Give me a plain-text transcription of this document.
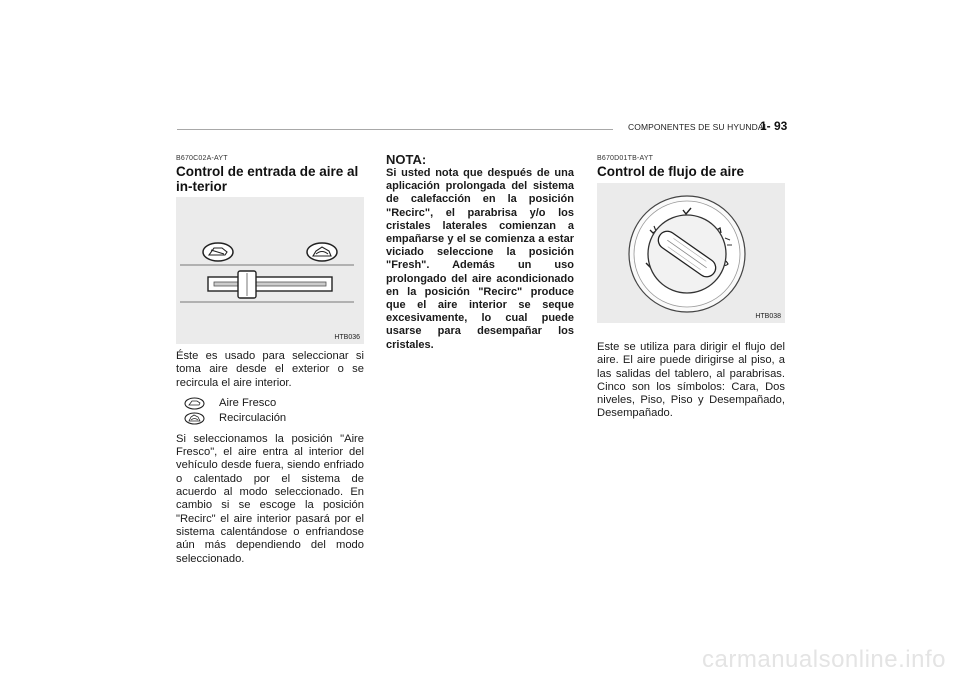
COMPONENTES DE SU HYUNDAI
1- 93
B670C02A-AYT
Control de entrada de aire al in-terior
HTB036

Éste es usado para seleccionar si toma aire desde el exterior o se recircula el aire interior.

Aire Fresco
Recirculación

Si seleccionamos la posición "Aire Fresco", el aire entra al interior del vehículo desde fuera, siendo enfriado o calentado por el sistema de acuerdo al modo seleccionado. En cambio si se escoge la posición "Recirc" el aire interior pasará por el sistema calentándose o enfriandose aún más dependiendo del modo seleccionado.

NOTA:

Si usted nota que después de una aplicación prolongada del sistema de calefacción en la posición "Recirc", el parabrisa y/o los cristales laterales comienzan a empañarse y el se comienza a estar viciado seleccione la posición "Fresh". Además un uso prolongado del aire acondicionado en la posición "Recirc" produce que el aire interior se seque excesivamente, lo cual puede usarse para desempañar los cristales.

B670D01TB-AYT
Control de flujo de aire
HTB038

Este se utiliza para dirigir el flujo del aire. El aire puede dirigirse al piso, a las salidas del tablero, al parabrisas. Cinco son los símbolos: Cara, Dos niveles, Piso, Piso y Desempañado, Desempañado.

carmanualsonline.info
